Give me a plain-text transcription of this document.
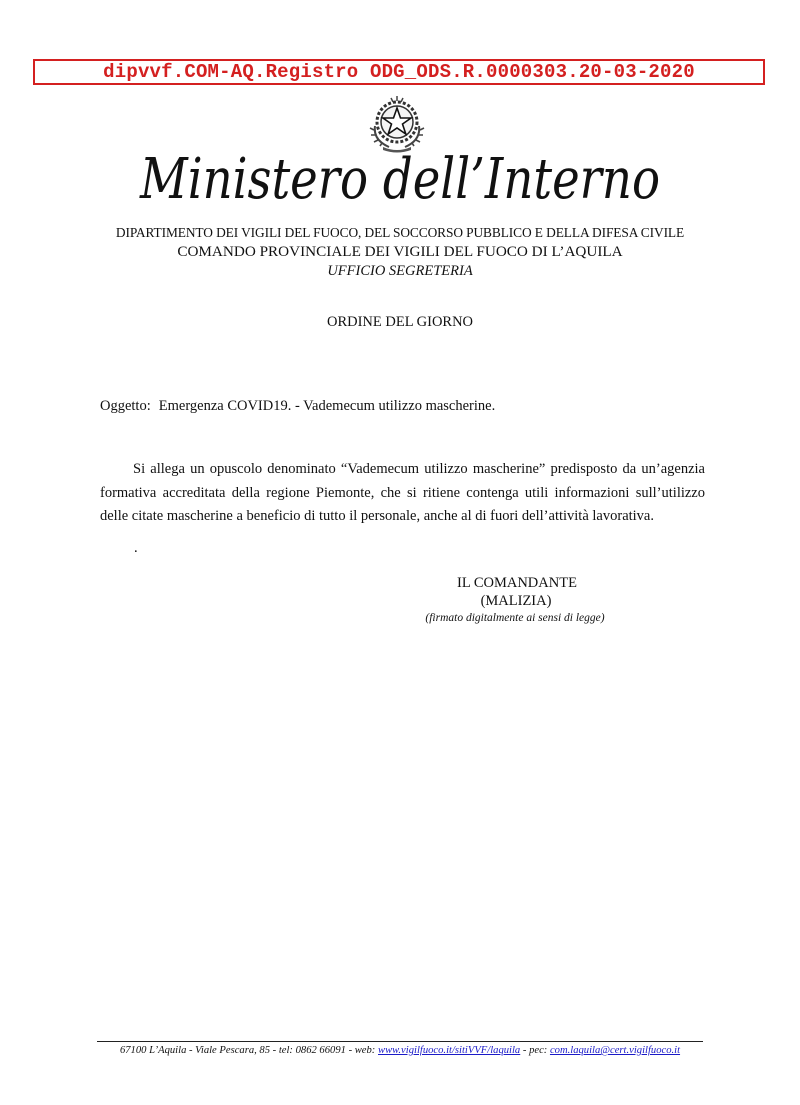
dipvvf.COM-AQ.Registro ODG_ODS.R.0000303.20-03-2020
Ministero dell’Interno
DIPARTIMENTO DEI VIGILI DEL FUOCO, DEL SOCCORSO PUBBLICO E DELLA DIFESA CIVILE
COMANDO PROVINCIALE DEI VIGILI DEL FUOCO DI L’AQUILA
UFFICIO SEGRETERIA
ORDINE DEL GIORNO
Oggetto: Emergenza COVID19. - Vademecum utilizzo mascherine.

Si allega un opuscolo denominato “Vademecum utilizzo mascherine” predisposto da un’agenzia formativa accreditata della regione Piemonte, che si ritiene contenga utili informazioni sull’utilizzo delle citate mascherine a beneficio di tutto il personale, anche al di fuori dell’attività lavorativa.

.
IL COMANDANTE
(MALIZIA)
(firmato digitalmente ai sensi di legge)
67100 L’Aquila - Viale Pescara, 85 - tel: 0862 66091 - web: www.vigilfuoco.it/sitiVVF/laquila - pec: com.laquila@cert.vigilfuoco.it
